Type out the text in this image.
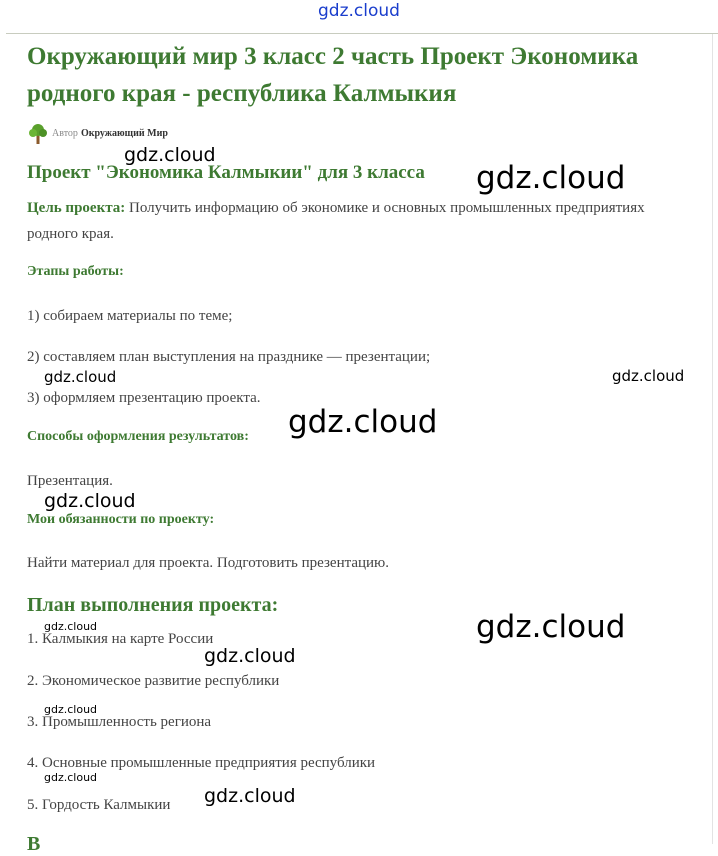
gdz.cloud
Окружающий мир 3 класс 2 часть Проект Экономика родного края - республика Калмыкия
Автор Окружающий Мир
Проект "Экономика Калмыкии" для 3 класса

Цель проекта: Получить информацию об экономике и основных промышленных предприятиях родного края.

Этапы работы:
1) собираем материалы по теме;
2) составляем план выступления на празднике — презентации;
3) оформляем презентацию проекта.
Способы оформления результатов:
Презентация.
Мои обязанности по проекту:
Найти материал для проекта. Подготовить презентацию.
План выполнения проекта:
1. Калмыкия на карте России
2. Экономическое развитие республики
3. Промышленность региона
4. Основные промышленные предприятия республики
5. Гордость Калмыкии
В
gdz.cloud
gdz.cloud
gdz.cloud
gdz.cloud
gdz.cloud
gdz.cloud
gdz.cloud
gdz.cloud
gdz.cloud
gdz.cloud
gdz.cloud
gdz.cloud
